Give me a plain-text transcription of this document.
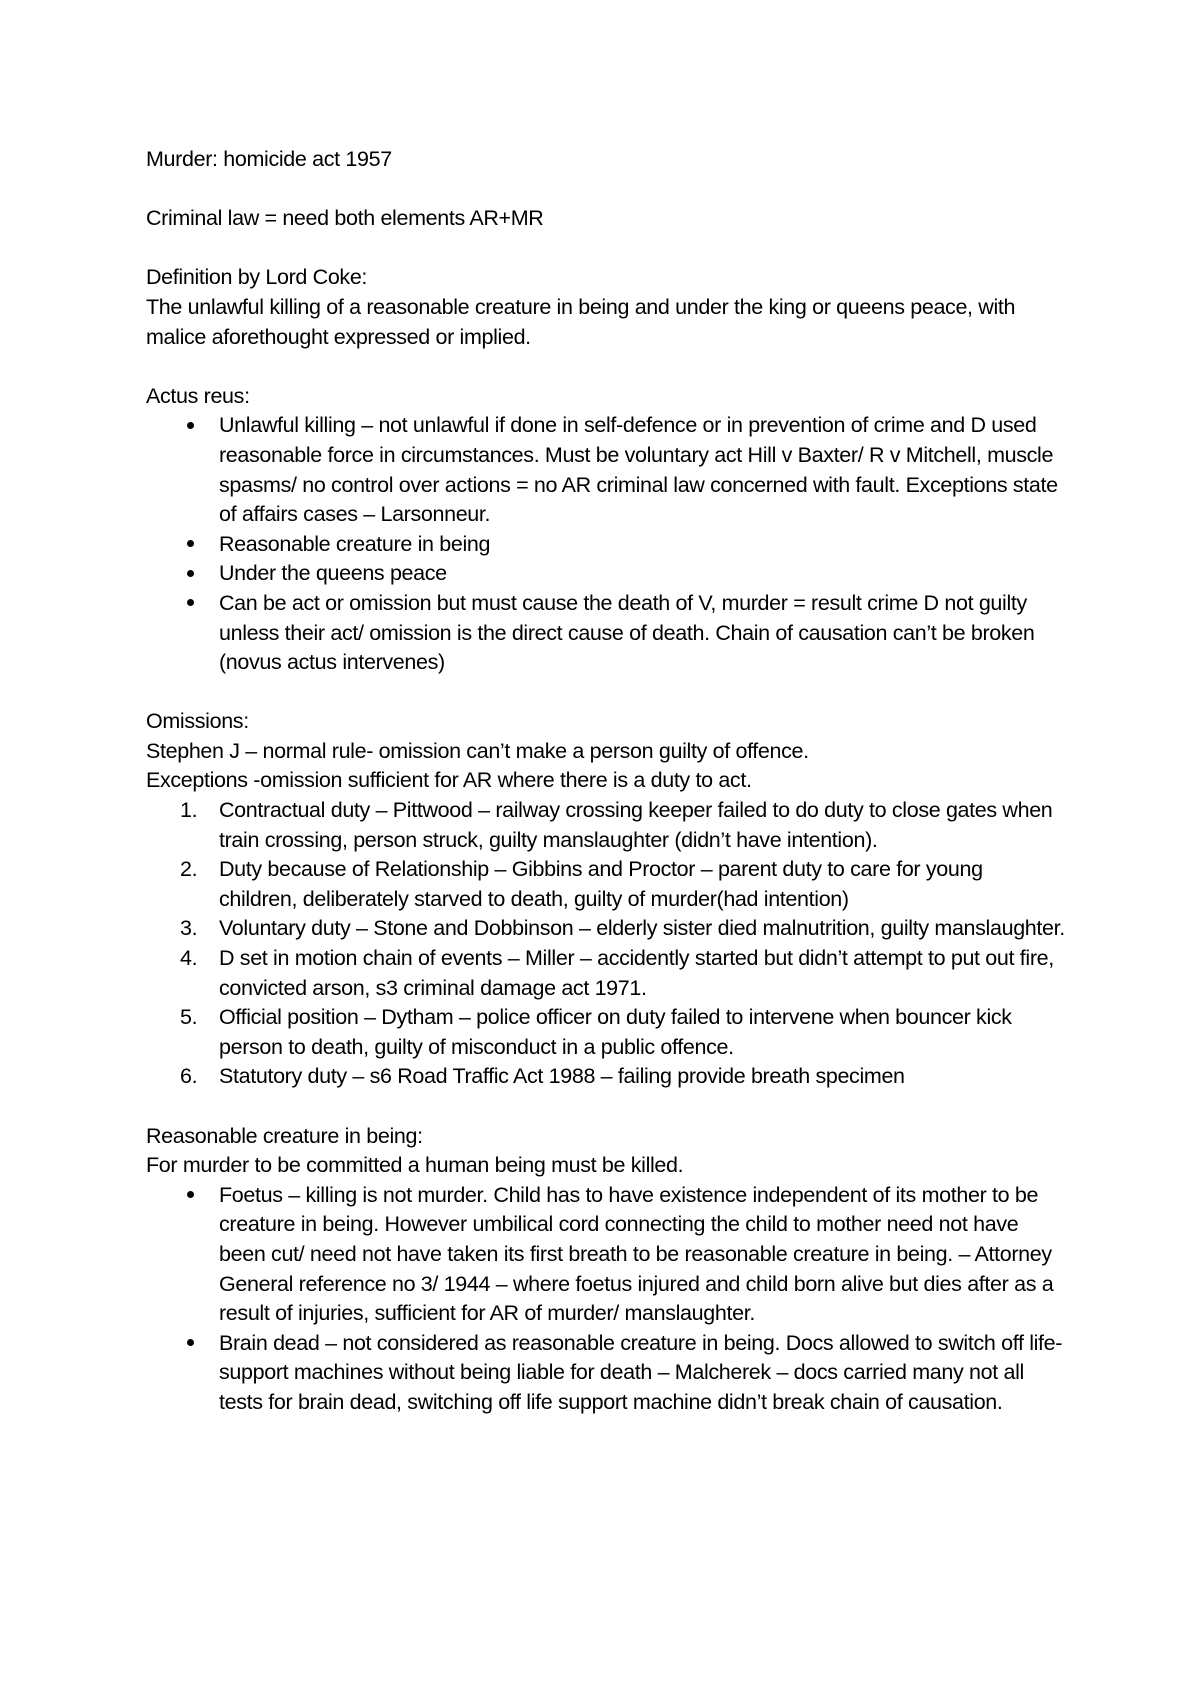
Murder: homicide act 1957

Criminal law = need both elements AR+MR

Definition by Lord Coke:

The unlawful killing of a reasonable creature in being and under the king or queens peace, with malice aforethought expressed or implied.

Actus reus:

Unlawful killing – not unlawful if done in self-defence or in prevention of crime and D used reasonable force in circumstances. Must be voluntary act Hill v Baxter/ R v Mitchell, muscle spasms/ no control over actions = no AR criminal law concerned with fault. Exceptions state of affairs cases – Larsonneur.
Reasonable creature in being
Under the queens peace
Can be act or omission but must cause the death of V, murder = result crime D not guilty unless their act/ omission is the direct cause of death. Chain of causation can’t be broken (novus actus intervenes)

Omissions:

Stephen J – normal rule- omission can’t make a person guilty of offence.

Exceptions -omission sufficient for AR where there is a duty to act.

1.	Contractual duty – Pittwood – railway crossing keeper failed to do duty to close gates when train crossing, person struck, guilty manslaughter (didn’t have intention).
2.	Duty because of Relationship – Gibbins and Proctor – parent duty to care for young children, deliberately starved to death, guilty of murder(had intention)
3.	Voluntary duty – Stone and Dobbinson – elderly sister died malnutrition, guilty manslaughter.
4.	D set in motion chain of events – Miller – accidently started but didn’t attempt to put out fire, convicted arson, s3 criminal damage act 1971.
5.	Official position – Dytham – police officer on duty failed to intervene when bouncer kick person to death, guilty of misconduct in a public offence.
6.	Statutory duty – s6 Road Traffic Act 1988 – failing provide breath specimen

Reasonable creature in being:

For murder to be committed a human being must be killed.

Foetus – killing is not murder. Child has to have existence independent of its mother to be creature in being. However umbilical cord connecting the child to mother need not have been cut/ need not have taken its first breath to be reasonable creature in being. – Attorney General reference no 3/ 1944 – where foetus injured and child born alive but dies after as a result of injuries, sufficient for AR of murder/ manslaughter.
Brain dead – not considered as reasonable creature in being. Docs allowed to switch off life-support machines without being liable for death – Malcherek – docs carried many not all tests for brain dead, switching off life support machine didn’t break chain of causation.
